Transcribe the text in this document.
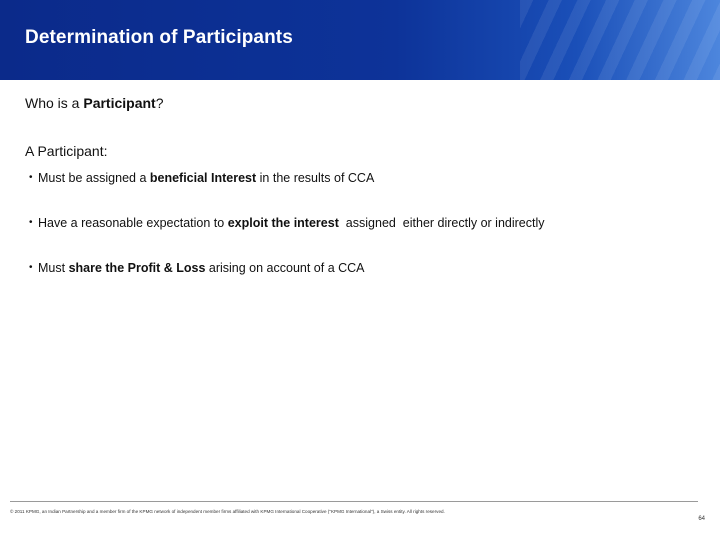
Determination of Participants
Who is a Participant?
A Participant:
• Must be assigned a beneficial Interest in the results of CCA
• Have a reasonable expectation to exploit the interest  assigned  either directly or indirectly
• Must share the Profit & Loss arising on account of a CCA
© 2011 KPMG, an Indian Partnership and a member firm of the KPMG network of independent member firms affiliated with KPMG International Cooperative ("KPMG International"), a Swiss entity. All rights reserved.
64
